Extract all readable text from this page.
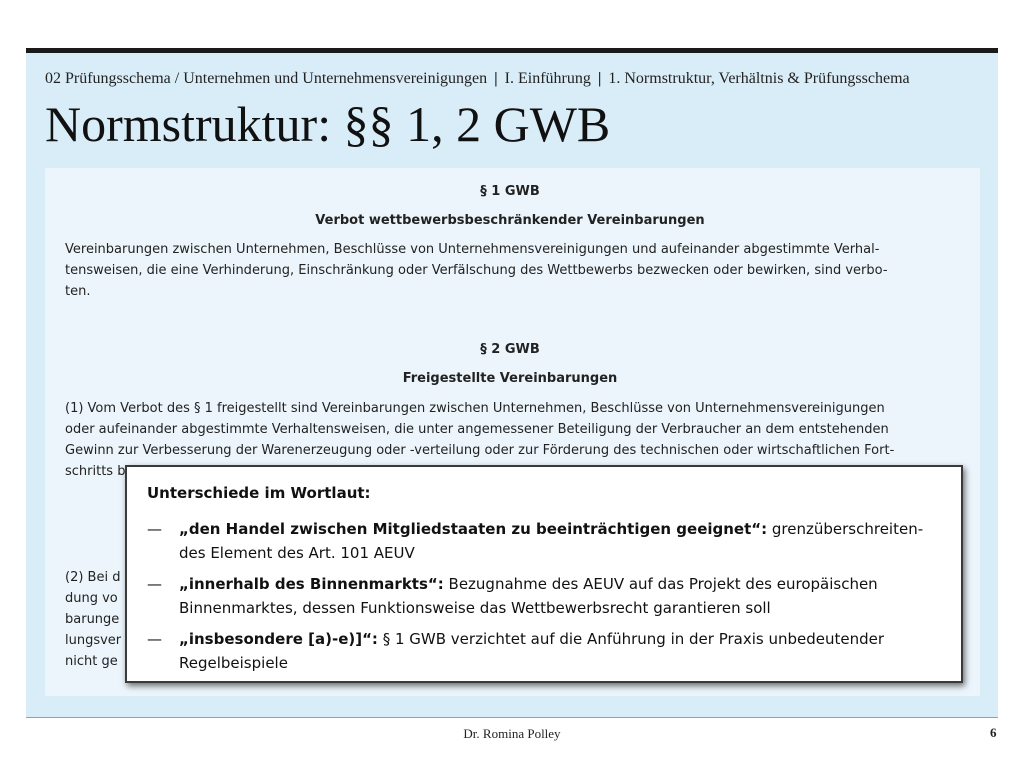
02 Prüfungsschema / Unternehmen und Unternehmensvereinigungen | I. Einführung | 1. Normstruktur, Verhältnis & Prüfungsschema
Normstruktur: §§ 1, 2 GWB
§ 1 GWB
Verbot wettbewerbsbeschränkender Vereinbarungen
Vereinbarungen zwischen Unternehmen, Beschlüsse von Unternehmensvereinigungen und aufeinander abgestimmte Verhal-
tensweisen, die eine Verhinderung, Einschränkung oder Verfälschung des Wettbewerbs bezwecken oder bewirken, sind verbo-
ten.
§ 2 GWB
Freigestellte Vereinbarungen
(1) Vom Verbot des § 1 freigestellt sind Vereinbarungen zwischen Unternehmen, Beschlüsse von Unternehmensvereinigungen
oder aufeinander abgestimmte Verhaltensweisen, die unter angemessener Beteiligung der Verbraucher an dem entstehenden
Gewinn zur Verbesserung der Warenerzeugung oder -verteilung oder zur Förderung des technischen oder wirtschaftlichen Fort-
schritts b
(2) Bei d
dung vo
barunge
lungsver
nicht ge
Unterschiede im Wortlaut:
— „den Handel zwischen Mitgliedstaaten zu beeinträchtigen geeignet“: grenzüberschreiten-
des Element des Art. 101 AEUV
— „innerhalb des Binnenmarkts“: Bezugnahme des AEUV auf das Projekt des europäischen
Binnenmarktes, dessen Funktionsweise das Wettbewerbsrecht garantieren soll
— „insbesondere [a)-e)]“: § 1 GWB verzichtet auf die Anführung in der Praxis unbedeutender
Regelbeispiele
Dr. Romina Polley	6
